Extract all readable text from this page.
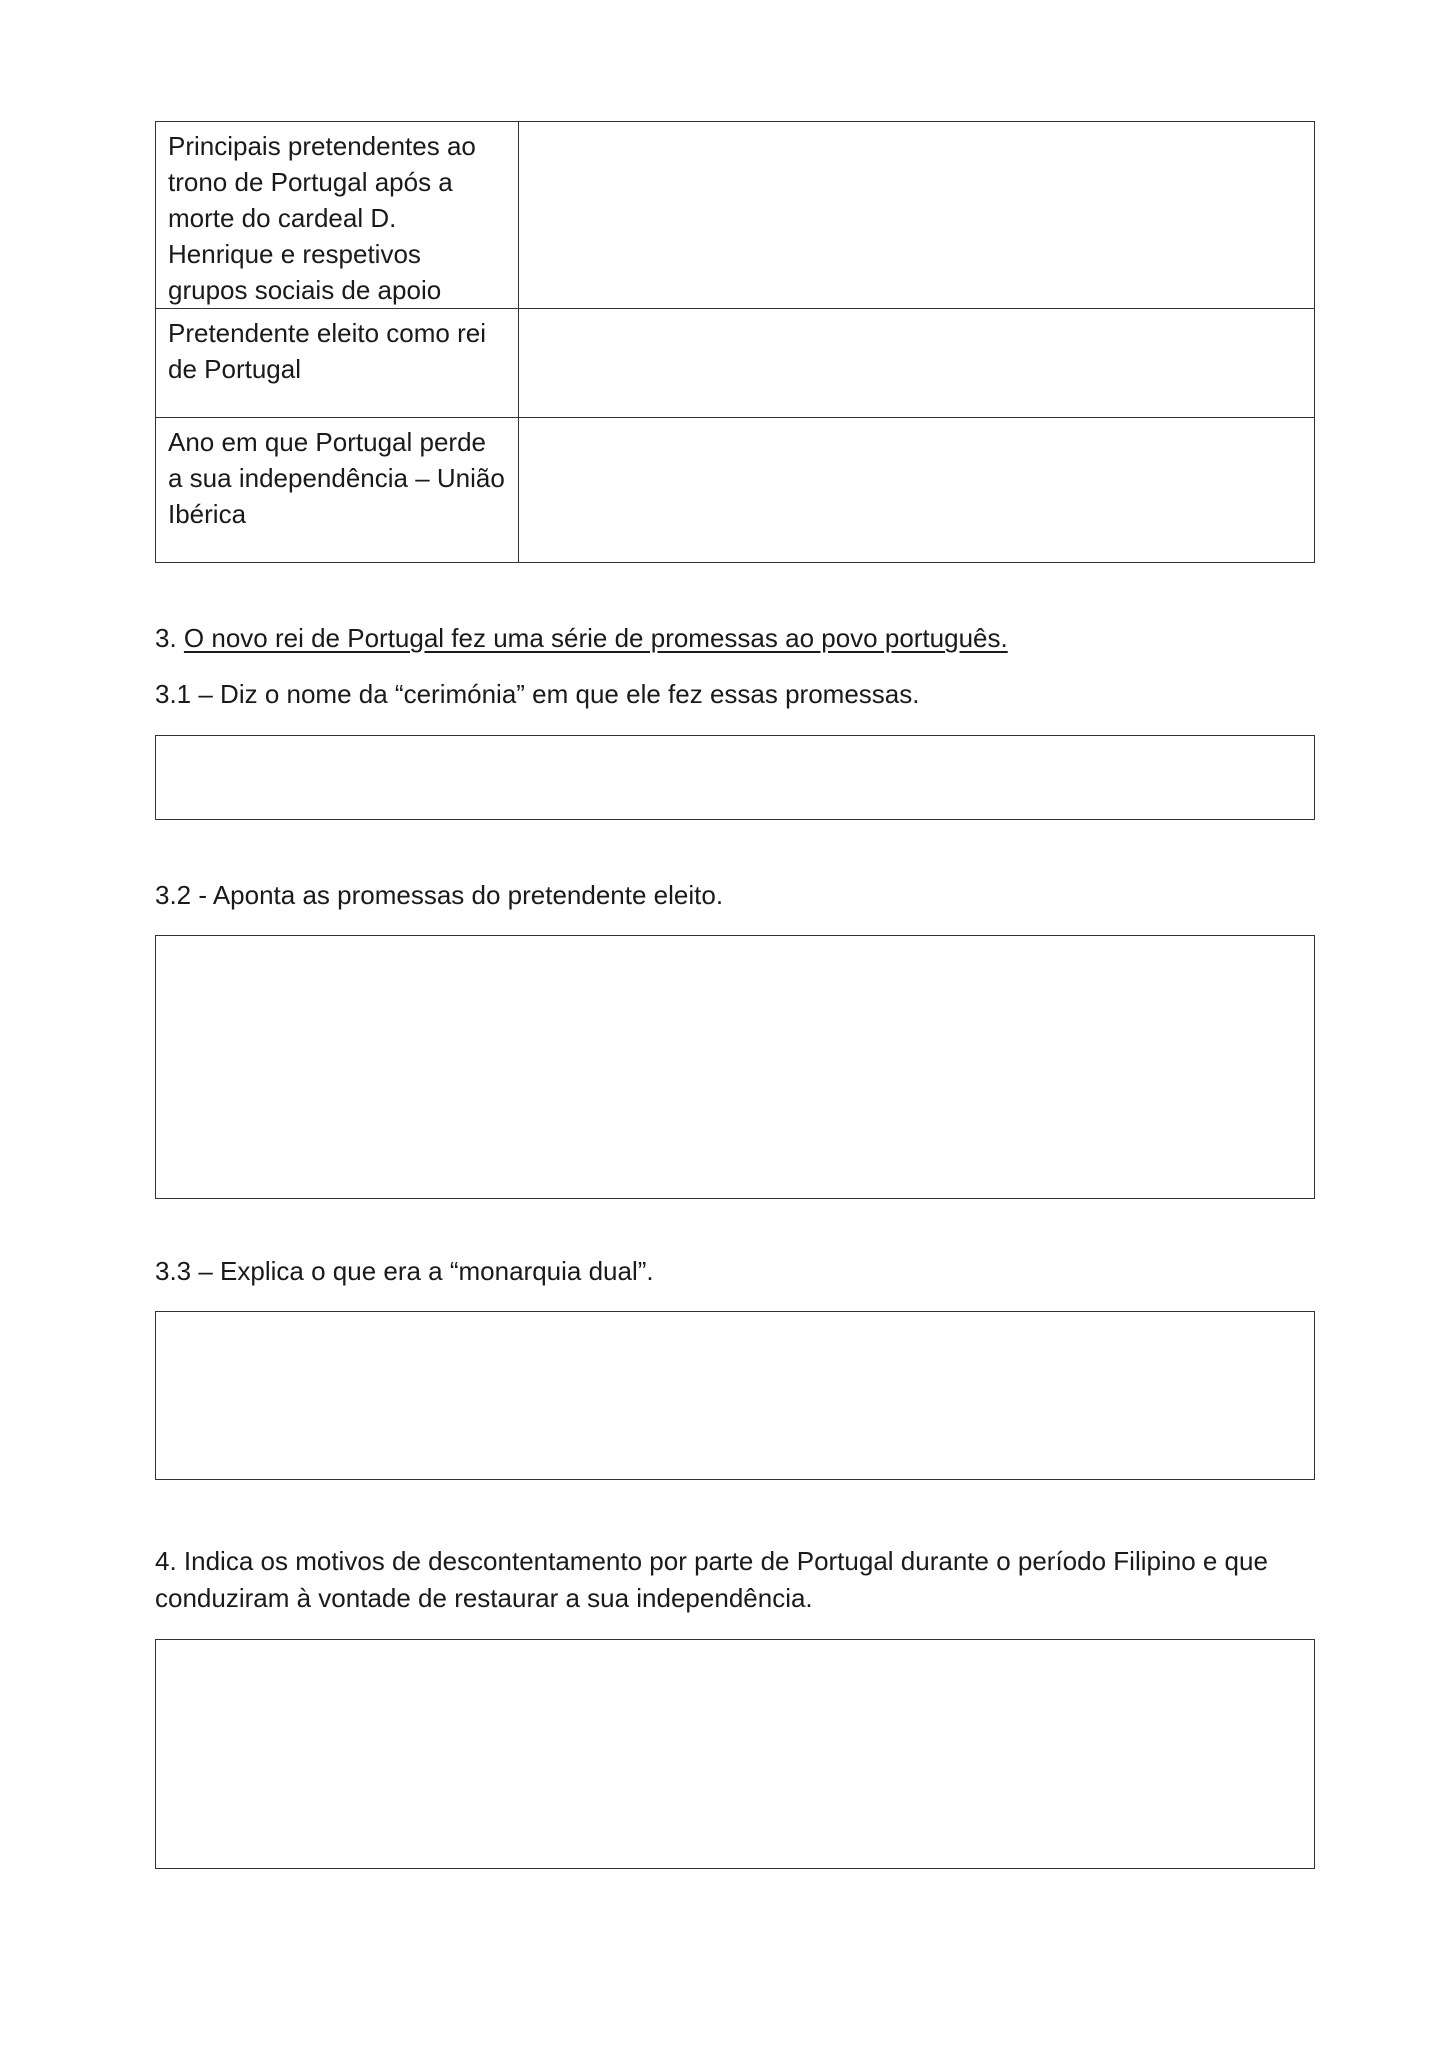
Principais pretendentes ao trono de Portugal após a morte do cardeal D. Henrique e respetivos grupos sociais de apoio	
Pretendente eleito como rei de Portugal	
Ano em que Portugal perde a sua independência – União Ibérica	
3. O novo rei de Portugal fez uma série de promessas ao povo português.
3.1 – Diz o nome da “cerimónia” em que ele fez essas promessas.
3.2 - Aponta as promessas do pretendente eleito.
3.3 – Explica o que era a “monarquia dual”.
4. Indica os motivos de descontentamento por parte de Portugal durante o período Filipino e que conduziram à vontade de restaurar a sua independência.
